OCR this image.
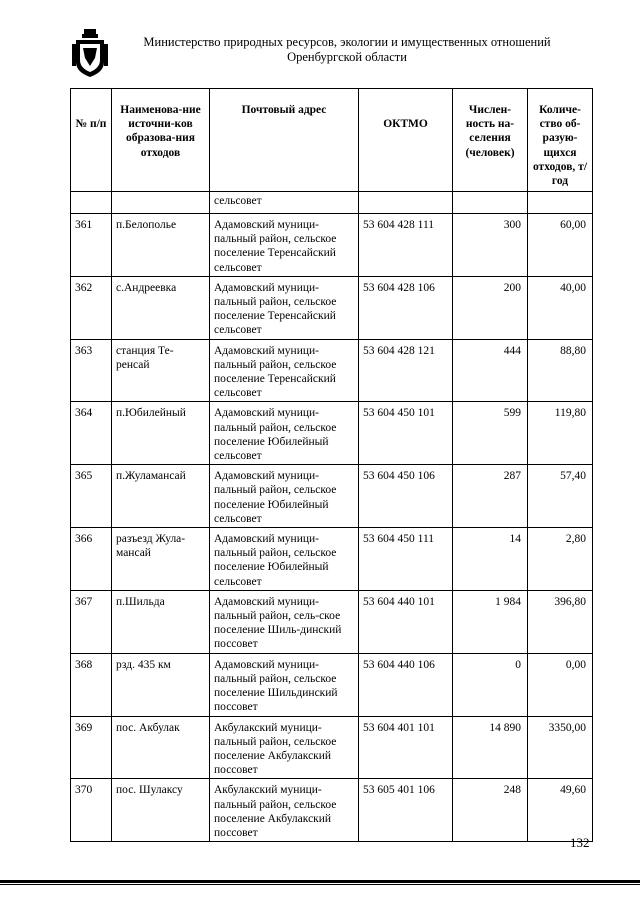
Министерство природных ресурсов, экологии и имущественных отношений
Оренбургской области
№ п/п	Наименова-ние источни-ков образова-ния отходов	Почтовый адрес	ОКТМО	Числен-ность на-селения (человек)	Количе-ство об-разую-щихся отходов, т/год
		сельсовет			
361	п.Белополье	Адамовский муници-пальный район, сельское поселение Теренсайский сельсовет	53 604 428 111	300	60,00
362	с.Андреевка	Адамовский муници-пальный район, сельское поселение Теренсайский сельсовет	53 604 428 106	200	40,00
363	станция Те-ренсай	Адамовский муници-пальный район, сельское поселение Теренсайский сельсовет	53 604 428 121	444	88,80
364	п.Юбилейный	Адамовский муници-пальный район, сельское поселение Юбилейный сельсовет	53 604 450 101	599	119,80
365	п.Жуламансай	Адамовский муници-пальный район, сельское поселение Юбилейный сельсовет	53 604 450 106	287	57,40
366	разъезд Жула-мансай	Адамовский муници-пальный район, сельское поселение Юбилейный сельсовет	53 604 450 111	14	2,80
367	п.Шильда	Адамовский муници-пальный район, сель-ское поселение Шиль-динский поссовет	53 604 440 101	1 984	396,80
368	рзд. 435 км	Адамовский муници-пальный район, сельское поселение Шильдинский поссовет	53 604 440 106	0	0,00
369	пос. Акбулак	Акбулакский муници-пальный район, сельское поселение Акбулакский поссовет	53 604 401 101	14 890	3350,00
370	пос. Шулаксу	Акбулакский муници-пальный район, сельское поселение Акбулакский поссовет	53 605 401 106	248	49,60
132
